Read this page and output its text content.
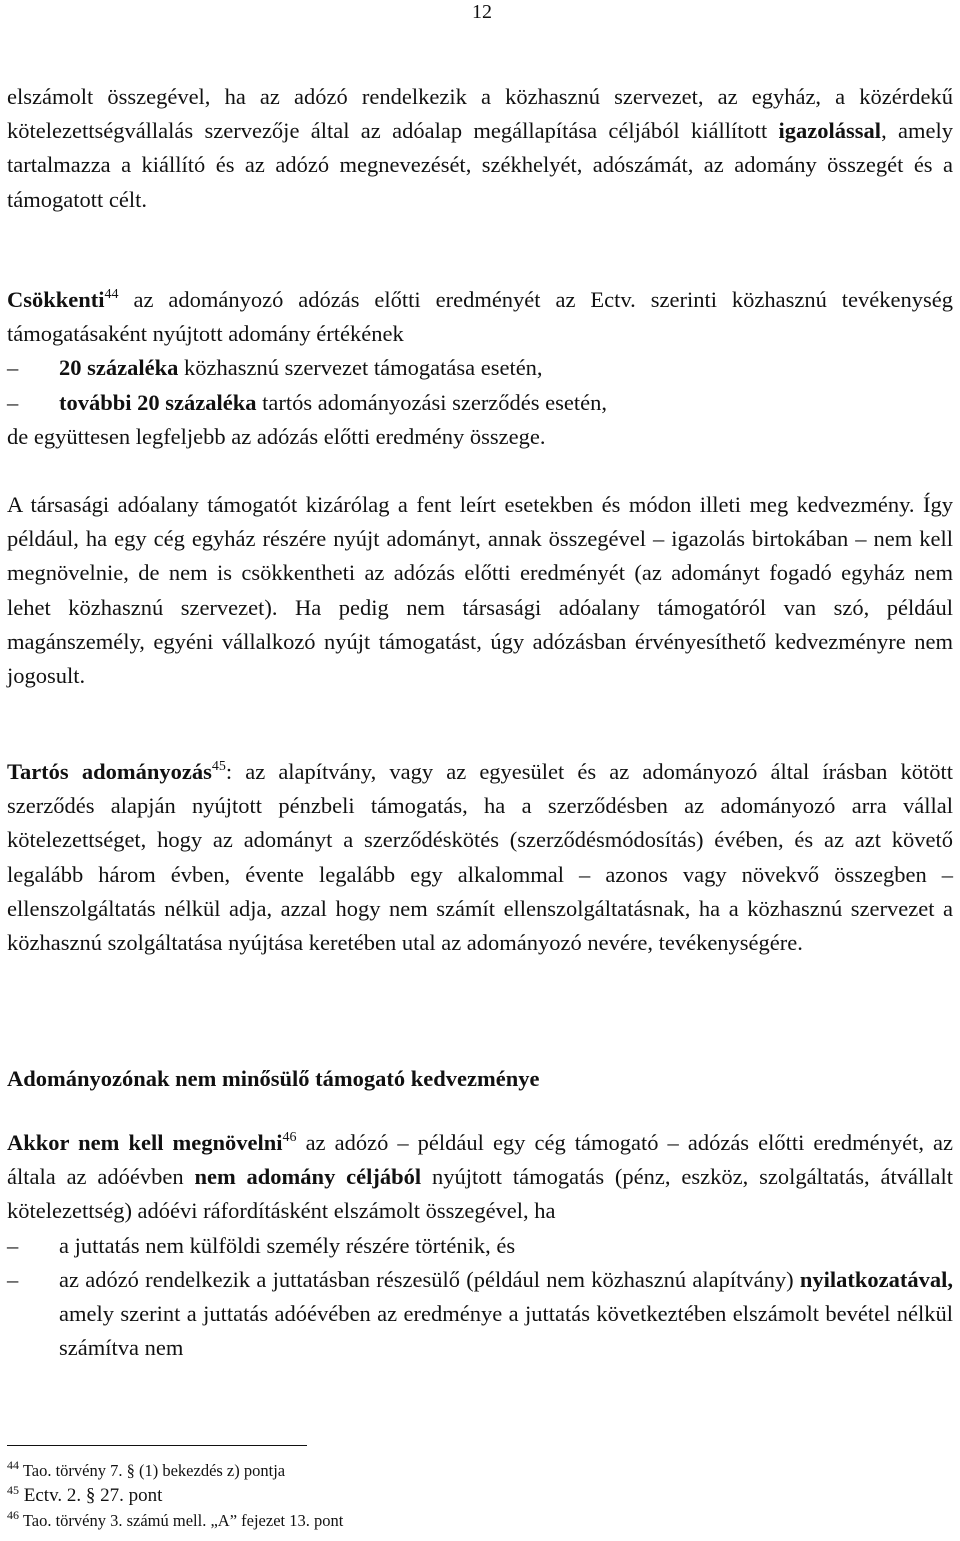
12

elszámolt összegével, ha az adózó rendelkezik a közhasznú szervezet, az egyház, a közérdekű kötelezettségvállalás szervezője által az adóalap megállapítása céljából kiállított igazolással, amely tartalmazza a kiállító és az adózó megnevezését, székhelyét, adószámát, az adomány összegét és a támogatott célt.

Csökkenti$^{44}$ az adományozó adózás előtti eredményét az Ectv. szerinti közhasznú tevékenység támogatásaként nyújtott adomány értékének

– 20 százaléka közhasznú szervezet támogatása esetén,
– további 20 százaléka tartós adományozási szerződés esetén,

de együttesen legfeljebb az adózás előtti eredmény összege.

A társasági adóalany támogatót kizárólag a fent leírt esetekben és módon illeti meg kedvezmény. Így például, ha egy cég egyház részére nyújt adományt, annak összegével – igazolás birtokában – nem kell megnövelnie, de nem is csökkentheti az adózás előtti eredményét (az adományt fogadó egyház nem lehet közhasznú szervezet). Ha pedig nem társasági adóalany támogatóról van szó, például magánszemély, egyéni vállalkozó nyújt támogatást, úgy adózásban érvényesíthető kedvezményre nem jogosult.

Tartós adományozás$^{45}$: az alapítvány, vagy az egyesület és az adományozó által írásban kötött szerződés alapján nyújtott pénzbeli támogatás, ha a szerződésben az adományozó arra vállal kötelezettséget, hogy az adományt a szerződéskötés (szerződésmódosítás) évében, és az azt követő legalább három évben, évente legalább egy alkalommal – azonos vagy növekvő összegben – ellenszolgáltatás nélkül adja, azzal hogy nem számít ellenszolgáltatásnak, ha a közhasznú szervezet a közhasznú szolgáltatása nyújtása keretében utal az adományozó nevére, tevékenységére.

Adományozónak nem minősülő támogató kedvezménye

Akkor nem kell megnövelni$^{46}$ az adózó – például egy cég támogató – adózás előtti eredményét, az általa az adóévben nem adomány céljából nyújtott támogatás (pénz, eszköz, szolgáltatás, átvállalt kötelezettség) adóévi ráfordításként elszámolt összegével, ha

– a juttatás nem külföldi személy részére történik, és
– az adózó rendelkezik a juttatásban részesülő (például nem közhasznú alapítvány) nyilatkozatával, amely szerint a juttatás adóévében az eredménye a juttatás következtében elszámolt bevétel nélkül számítva nem
$^{44}$ Tao. törvény 7. § (1) bekezdés z) pontja
$^{45}$ Ectv. 2. § 27. pont
$^{46}$ Tao. törvény 3. számú mell. „A” fejezet 13. pont
